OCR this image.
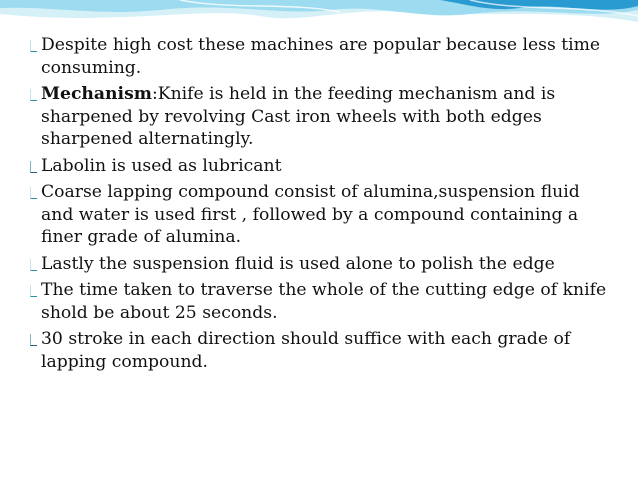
Despite high cost these machines are popular because less time consuming.
Mechanism:Knife is held in the feeding mechanism and is sharpened by revolving Cast iron wheels with both edges sharpened alternatingly.
Labolin is used as lubricant
Coarse lapping compound consist of alumina,suspension fluid and water is used first , followed by a compound containing a finer grade of alumina.
Lastly the suspension fluid is used alone to polish the edge
The time taken to traverse the whole of the cutting edge of knife shold be about 25 seconds.
30 stroke in each direction should suffice with each grade of lapping compound.
